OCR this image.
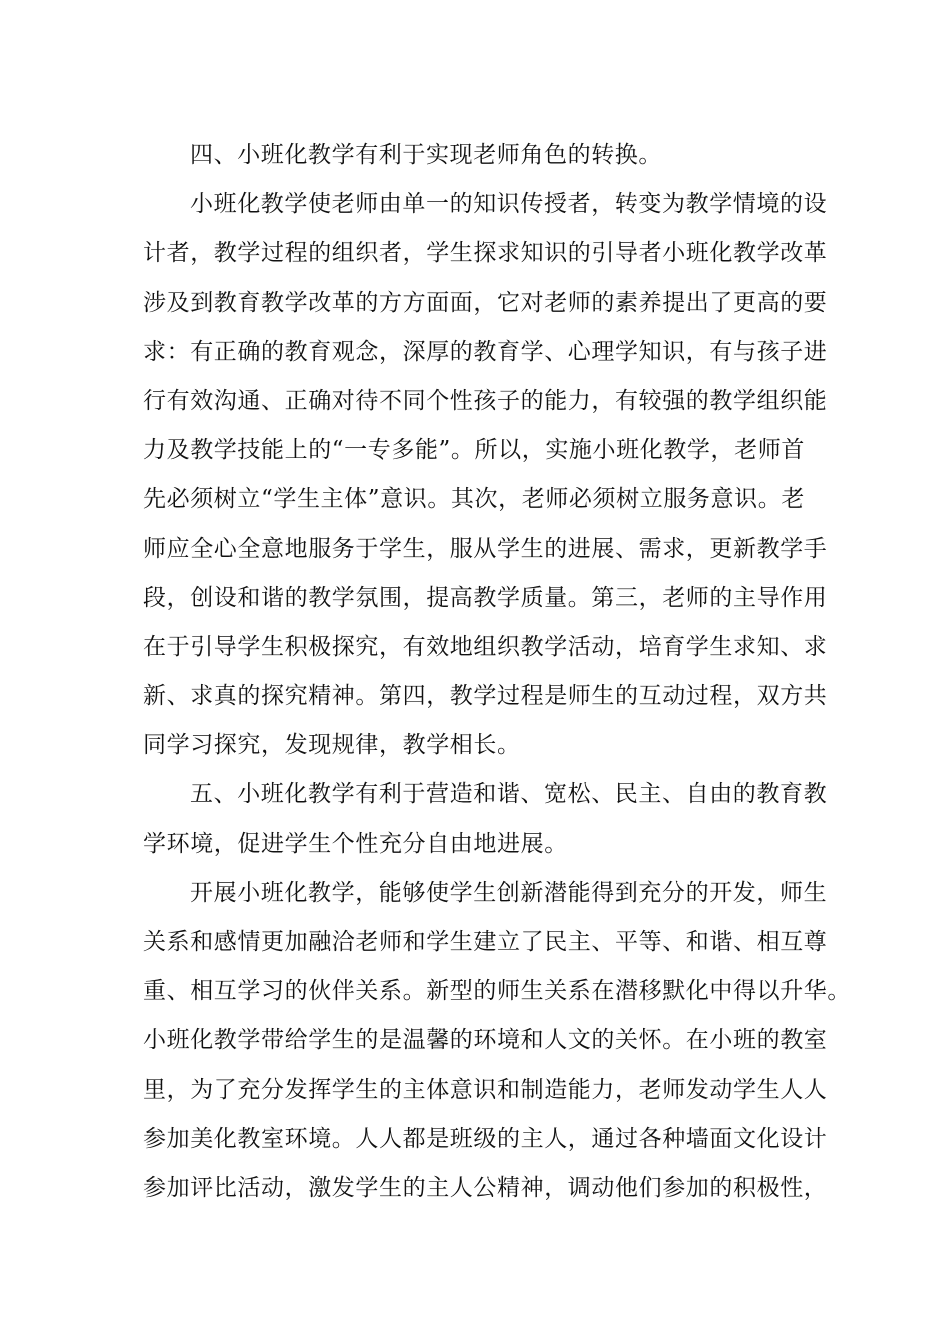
四、小班化教学有利于实现老师角色的转换。
小班化教学使老师由单一的知识传授者，转变为教学情境的设
计者，教学过程的组织者，学生探求知识的引导者小班化教学改革
涉及到教育教学改革的方方面面，它对老师的素养提出了更高的要
求：有正确的教育观念，深厚的教育学、心理学知识，有与孩子进
行有效沟通、正确对待不同个性孩子的能力，有较强的教学组织能
力及教学技能上的“一专多能”。所以，实施小班化教学，老师首
先必须树立“学生主体”意识。其次，老师必须树立服务意识。老
师应全心全意地服务于学生，服从学生的进展、需求，更新教学手
段，创设和谐的教学氛围，提高教学质量。第三，老师的主导作用
在于引导学生积极探究，有效地组织教学活动，培育学生求知、求
新、求真的探究精神。第四，教学过程是师生的互动过程，双方共
同学习探究，发现规律，教学相长。
五、小班化教学有利于营造和谐、宽松、民主、自由的教育教
学环境，促进学生个性充分自由地进展。
开展小班化教学，能够使学生创新潜能得到充分的开发，师生
关系和感情更加融洽老师和学生建立了民主、平等、和谐、相互尊
重、相互学习的伙伴关系。新型的师生关系在潜移默化中得以升华。
小班化教学带给学生的是温馨的环境和人文的关怀。在小班的教室
里，为了充分发挥学生的主体意识和制造能力，老师发动学生人人
参加美化教室环境。人人都是班级的主人，通过各种墙面文化设计
参加评比活动，激发学生的主人公精神，调动他们参加的积极性，
